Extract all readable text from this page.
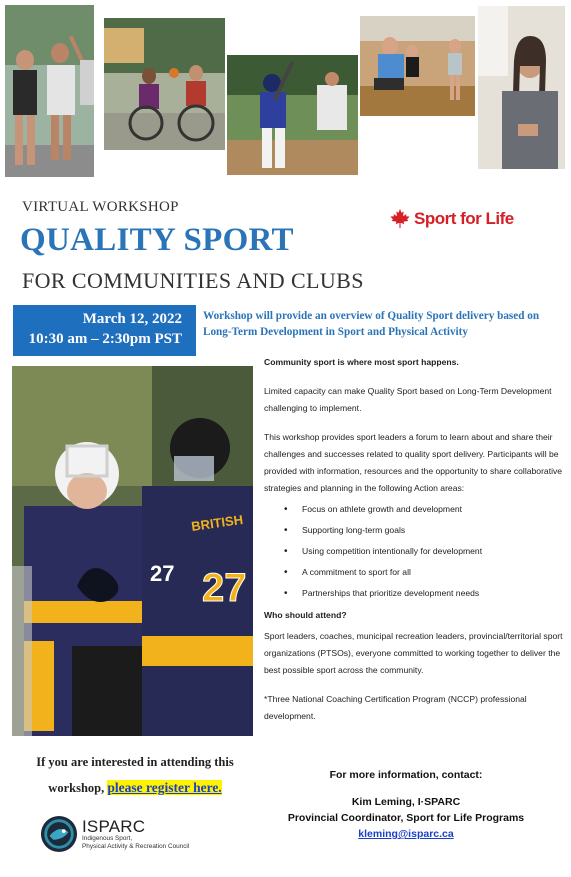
VIRTUAL WORKSHOP
QUALITY SPORT
FOR COMMUNITIES AND CLUBS
Sport for Life
March 12, 2022
10:30 am – 2:30pm PST
Workshop will provide an overview of Quality Sport delivery based on Long-Term Development in Sport and Physical Activity
TEAMBC
BRITISH
27
27

Community sport is where most sport happens.

Limited capacity can make Quality Sport based on Long-Term Development challenging to implement.

This workshop provides sport leaders a forum to learn about and share their challenges and successes related to quality sport delivery. Participants will be provided with information, resources and the opportunity to share collaborative strategies and planning in the following Action areas:

• Focus on athlete growth and development
• Supporting long-term goals
• Using competition intentionally for development
• A commitment to sport for all
• Partnerships that prioritize development needs

Who should attend?

Sport leaders, coaches, municipal recreation leaders, provincial/territorial sport organizations (PTSOs), everyone committed to working together to deliver the best possible sport across the community.

*Three National Coaching Certification Program (NCCP) professional development.

If you are interested in attending this workshop, please register here.
ISPARC
Indigenous Sport,
Physical Activity & Recreation Council
For more information, contact:
Kim Leming, I·SPARC
Provincial Coordinator, Sport for Life Programs
kleming@isparc.ca
